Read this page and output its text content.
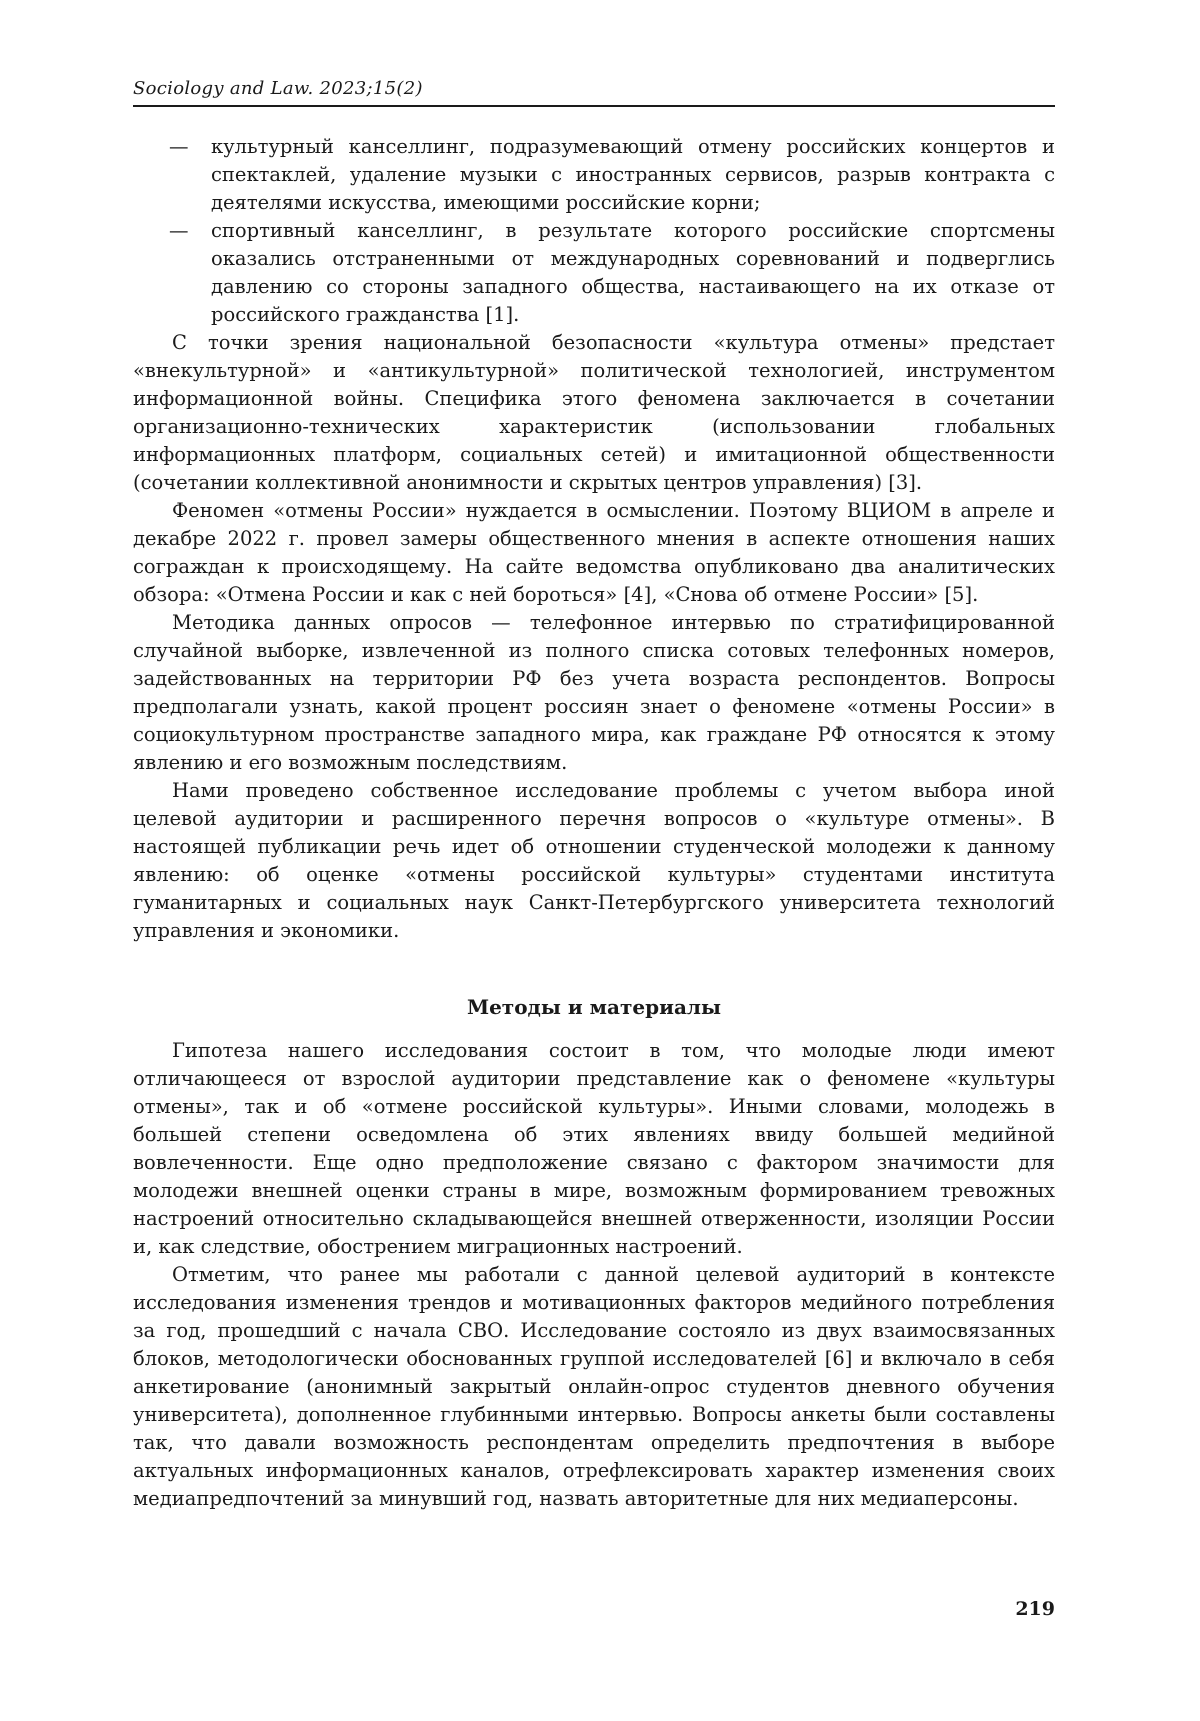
Sociology and Law. 2023;15(2)
— культурный канселлинг, подразумевающий отмену российских концертов и спектаклей, удаление музыки с иностранных сервисов, разрыв контракта с деятелями искусства, имеющими российские корни;
— спортивный канселлинг, в результате которого российские спортсмены оказались отстраненными от международных соревнований и подверглись давлению со стороны западного общества, настаивающего на их отказе от российского гражданства [1].

С точки зрения национальной безопасности «культура отмены» предстает «внекультурной» и «антикультурной» политической технологией, инструментом информационной войны. Специфика этого феномена заключается в сочетании организационно-технических характеристик (использовании глобальных информационных платформ, социальных сетей) и имитационной общественности (сочетании коллективной анонимности и скрытых центров управления) [3].

Феномен «отмены России» нуждается в осмыслении. Поэтому ВЦИОМ в апреле и декабре 2022 г. провел замеры общественного мнения в аспекте отношения наших сограждан к происходящему. На сайте ведомства опубликовано два аналитических обзора: «Отмена России и как с ней бороться» [4], «Снова об отмене России» [5].

Методика данных опросов — телефонное интервью по стратифицированной случайной выборке, извлеченной из полного списка сотовых телефонных номеров, задействованных на территории РФ без учета возраста респондентов. Вопросы предполагали узнать, какой процент россиян знает о феномене «отмены России» в социокультурном пространстве западного мира, как граждане РФ относятся к этому явлению и его возможным последствиям.

Нами проведено собственное исследование проблемы с учетом выбора иной целевой аудитории и расширенного перечня вопросов о «культуре отмены». В настоящей публикации речь идет об отношении студенческой молодежи к данному явлению: об оценке «отмены российской культуры» студентами института гуманитарных и социальных наук Санкт-Петербургского университета технологий управления и экономики.

Методы и материалы

Гипотеза нашего исследования состоит в том, что молодые люди имеют отличающееся от взрослой аудитории представление как о феномене «культуры отмены», так и об «отмене российской культуры». Иными словами, молодежь в большей степени осведомлена об этих явлениях ввиду большей медийной вовлеченности. Еще одно предположение связано с фактором значимости для молодежи внешней оценки страны в мире, возможным формированием тревожных настроений относительно складывающейся внешней отверженности, изоляции России и, как следствие, обострением миграционных настроений.

Отметим, что ранее мы работали с данной целевой аудиторий в контексте исследования изменения трендов и мотивационных факторов медийного потребления за год, прошедший с начала СВО. Исследование состояло из двух взаимосвязанных блоков, методологически обоснованных группой исследователей [6] и включало в себя анкетирование (анонимный закрытый онлайн-опрос студентов дневного обучения университета), дополненное глубинными интервью. Вопросы анкеты были составлены так, что давали возможность респондентам определить предпочтения в выборе актуальных информационных каналов, отрефлексировать характер изменения своих медиапредпочтений за минувший год, назвать авторитетные для них медиаперсоны.

219
